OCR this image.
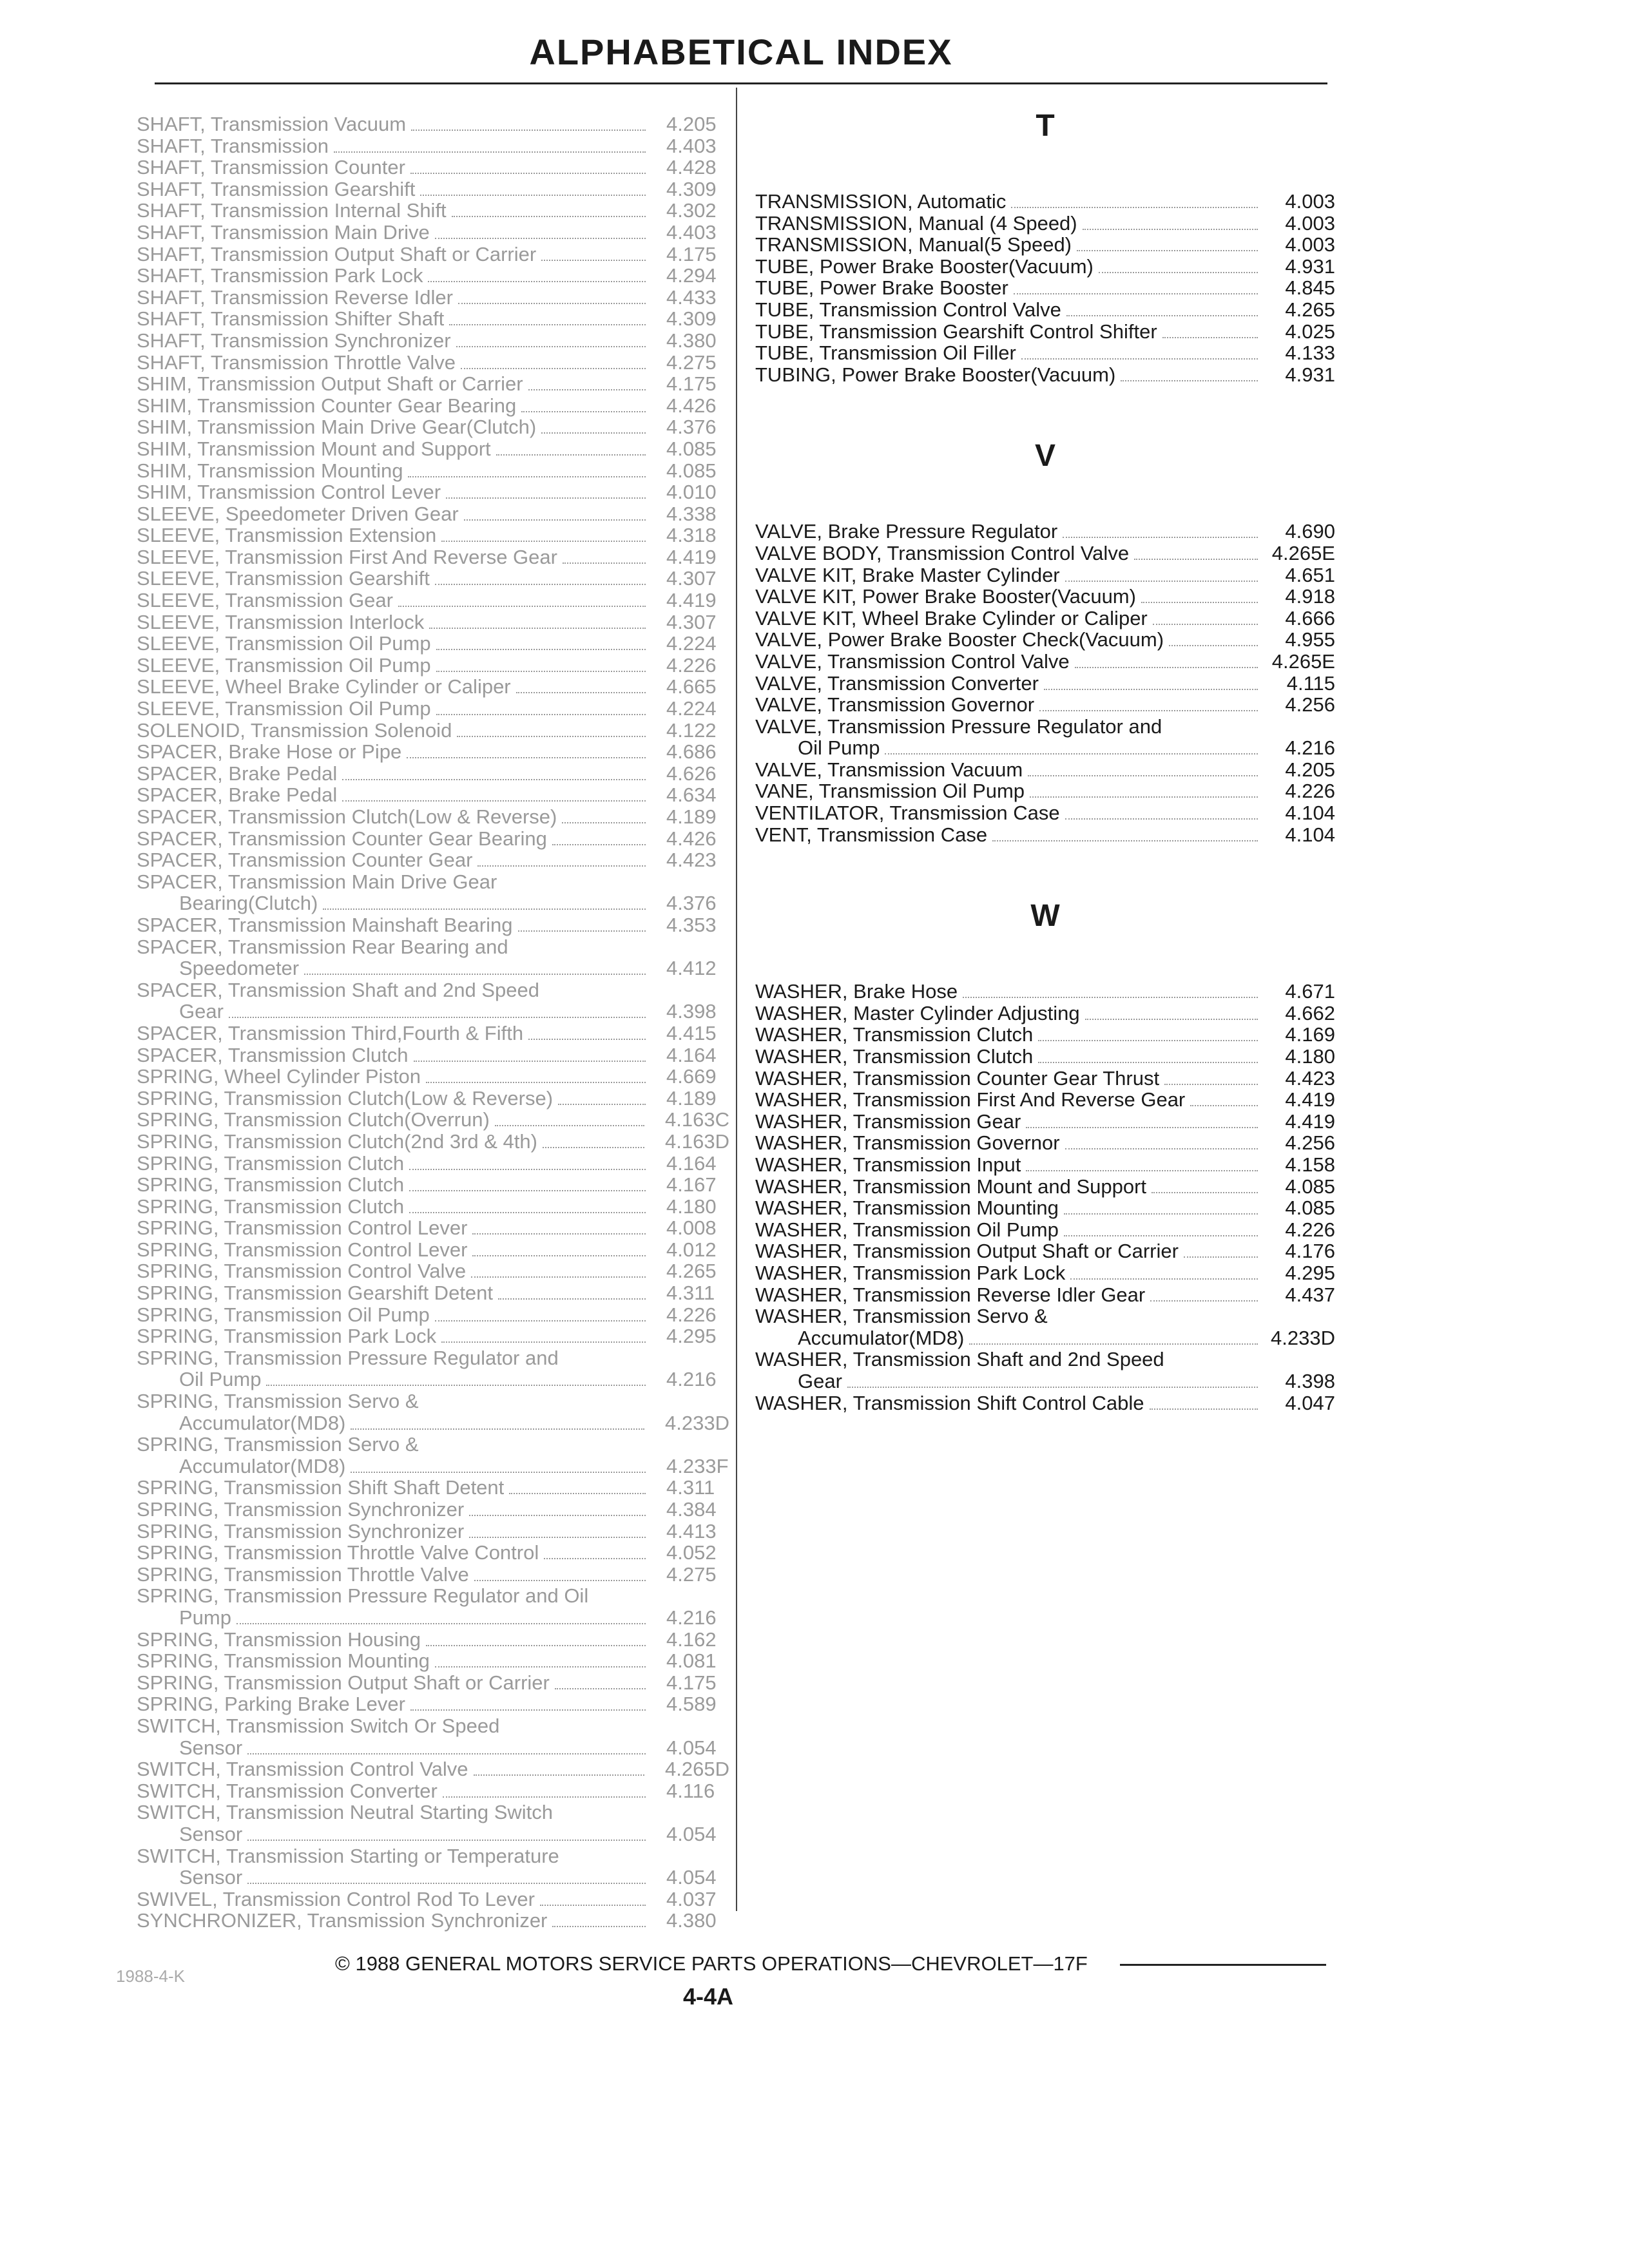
ALPHABETICAL INDEX
SHAFT, Transmission Vacuum	4.205
SHAFT, Transmission	4.403
SHAFT, Transmission Counter	4.428
SHAFT, Transmission Gearshift	4.309
SHAFT, Transmission Internal Shift	4.302
SHAFT, Transmission Main Drive	4.403
SHAFT, Transmission Output Shaft or Carrier	4.175
SHAFT, Transmission Park Lock	4.294
SHAFT, Transmission Reverse Idler	4.433
SHAFT, Transmission Shifter Shaft	4.309
SHAFT, Transmission Synchronizer	4.380
SHAFT, Transmission Throttle Valve	4.275
SHIM, Transmission Output Shaft or Carrier	4.175
SHIM, Transmission Counter Gear Bearing	4.426
SHIM, Transmission Main Drive Gear(Clutch)	4.376
SHIM, Transmission Mount and Support	4.085
SHIM, Transmission Mounting	4.085
SHIM, Transmission Control Lever	4.010
SLEEVE, Speedometer Driven Gear	4.338
SLEEVE, Transmission Extension	4.318
SLEEVE, Transmission First And Reverse Gear	4.419
SLEEVE, Transmission Gearshift	4.307
SLEEVE, Transmission Gear	4.419
SLEEVE, Transmission Interlock	4.307
SLEEVE, Transmission Oil Pump	4.224
SLEEVE, Transmission Oil Pump	4.226
SLEEVE, Wheel Brake Cylinder or Caliper	4.665
SLEEVE, Transmission Oil Pump	4.224
SOLENOID, Transmission Solenoid	4.122
SPACER, Brake Hose or Pipe	4.686
SPACER, Brake Pedal	4.626
SPACER, Brake Pedal	4.634
SPACER, Transmission Clutch(Low & Reverse)	4.189
SPACER, Transmission Counter Gear Bearing	4.426
SPACER, Transmission Counter Gear	4.423
SPACER, Transmission Main Drive Gear
Bearing(Clutch)	4.376
SPACER, Transmission Mainshaft Bearing	4.353
SPACER, Transmission Rear Bearing and
Speedometer	4.412
SPACER, Transmission Shaft and 2nd Speed
Gear	4.398
SPACER, Transmission Third,Fourth & Fifth	4.415
SPACER, Transmission Clutch	4.164
SPRING, Wheel Cylinder Piston	4.669
SPRING, Transmission Clutch(Low & Reverse)	4.189
SPRING, Transmission Clutch(Overrun)	4.163C
SPRING, Transmission Clutch(2nd 3rd & 4th)	4.163D
SPRING, Transmission Clutch	4.164
SPRING, Transmission Clutch	4.167
SPRING, Transmission Clutch	4.180
SPRING, Transmission Control Lever	4.008
SPRING, Transmission Control Lever	4.012
SPRING, Transmission Control Valve	4.265
SPRING, Transmission Gearshift Detent	4.311
SPRING, Transmission Oil Pump	4.226
SPRING, Transmission Park Lock	4.295
SPRING, Transmission Pressure Regulator and
Oil Pump	4.216
SPRING, Transmission Servo &
Accumulator(MD8)	4.233D
SPRING, Transmission Servo &
Accumulator(MD8)	4.233F
SPRING, Transmission Shift Shaft Detent	4.311
SPRING, Transmission Synchronizer	4.384
SPRING, Transmission Synchronizer	4.413
SPRING, Transmission Throttle Valve Control	4.052
SPRING, Transmission Throttle Valve	4.275
SPRING, Transmission Pressure Regulator and Oil
Pump	4.216
SPRING, Transmission Housing	4.162
SPRING, Transmission Mounting	4.081
SPRING, Transmission Output Shaft or Carrier	4.175
SPRING, Parking Brake Lever	4.589
SWITCH, Transmission Switch Or Speed
Sensor	4.054
SWITCH, Transmission Control Valve	4.265D
SWITCH, Transmission Converter	4.116
SWITCH, Transmission Neutral Starting Switch
Sensor	4.054
SWITCH, Transmission Starting or Temperature
Sensor	4.054
SWIVEL, Transmission Control Rod To Lever	4.037
SYNCHRONIZER, Transmission Synchronizer	4.380
T
TRANSMISSION, Automatic	4.003
TRANSMISSION, Manual (4 Speed)	4.003
TRANSMISSION, Manual(5 Speed)	4.003
TUBE, Power Brake Booster(Vacuum)	4.931
TUBE, Power Brake Booster	4.845
TUBE, Transmission Control Valve	4.265
TUBE, Transmission Gearshift Control Shifter	4.025
TUBE, Transmission Oil Filler	4.133
TUBING, Power Brake Booster(Vacuum)	4.931
V
VALVE, Brake Pressure Regulator	4.690
VALVE BODY, Transmission Control Valve	4.265E
VALVE KIT, Brake Master Cylinder	4.651
VALVE KIT, Power Brake Booster(Vacuum)	4.918
VALVE KIT, Wheel Brake Cylinder or Caliper	4.666
VALVE, Power Brake Booster Check(Vacuum)	4.955
VALVE, Transmission Control Valve	4.265E
VALVE, Transmission Converter	4.115
VALVE, Transmission Governor	4.256
VALVE, Transmission Pressure Regulator and
Oil Pump	4.216
VALVE, Transmission Vacuum	4.205
VANE, Transmission Oil Pump	4.226
VENTILATOR, Transmission Case	4.104
VENT, Transmission Case	4.104
W
WASHER, Brake Hose	4.671
WASHER, Master Cylinder Adjusting	4.662
WASHER, Transmission Clutch	4.169
WASHER, Transmission Clutch	4.180
WASHER, Transmission Counter Gear Thrust	4.423
WASHER, Transmission First And Reverse Gear	4.419
WASHER, Transmission Gear	4.419
WASHER, Transmission Governor	4.256
WASHER, Transmission Input	4.158
WASHER, Transmission Mount and Support	4.085
WASHER, Transmission Mounting	4.085
WASHER, Transmission Oil Pump	4.226
WASHER, Transmission Output Shaft or Carrier	4.176
WASHER, Transmission Park Lock	4.295
WASHER, Transmission Reverse Idler Gear	4.437
WASHER, Transmission Servo &
Accumulator(MD8)	4.233D
WASHER, Transmission Shaft and 2nd Speed
Gear	4.398
WASHER, Transmission Shift Control Cable	4.047
© 1988 GENERAL MOTORS SERVICE PARTS OPERATIONS—CHEVROLET—17F
1988-4-K
4-4A
